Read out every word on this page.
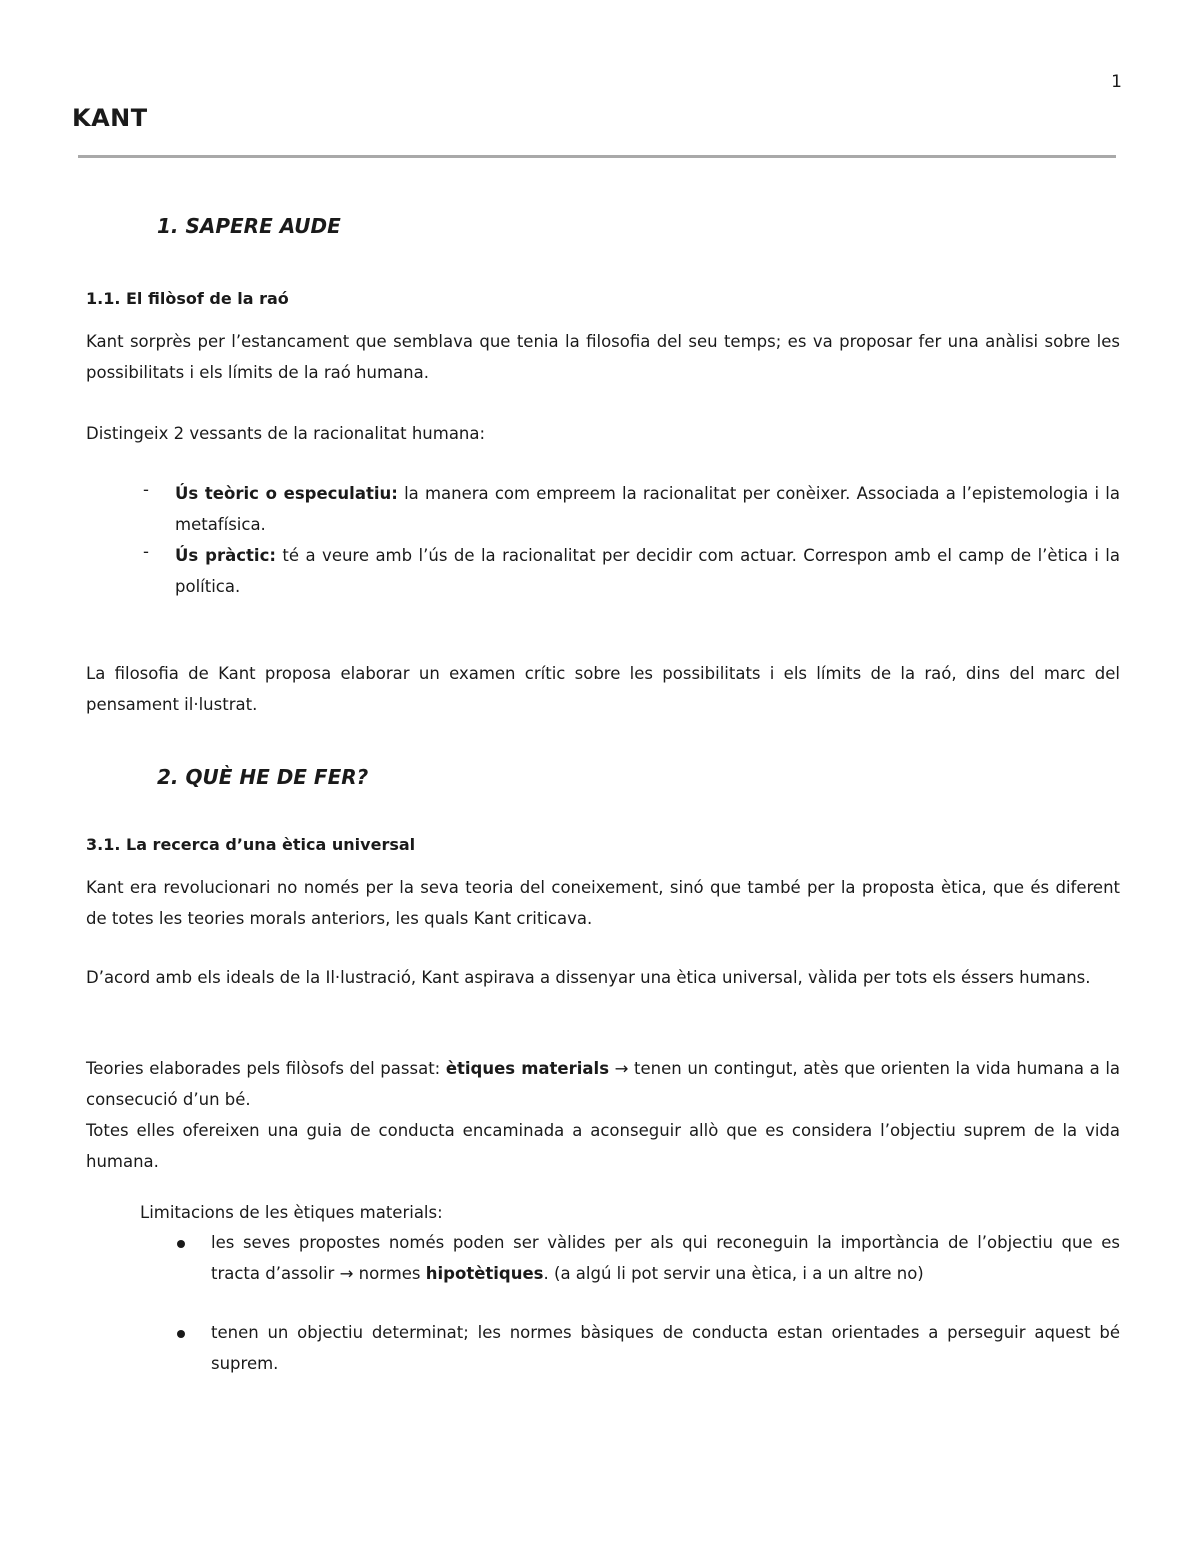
1
KANT
1. SAPERE AUDE
1.1. El filòsof de la raó
Kant sorprès per l’estancament que semblava que tenia la filosofia del seu temps; es va proposar fer una anàlisi sobre les possibilitats i els límits de la raó humana.
Distingeix 2 vessants de la racionalitat humana:
- Ús teòric o especulatiu: la manera com empreem la racionalitat per conèixer. Associada a l’epistemologia i la metafísica.
- Ús pràctic: té a veure amb l’ús de la racionalitat per decidir com actuar. Correspon amb el camp de l’ètica i la política.
La filosofia de Kant proposa elaborar un examen crític sobre les possibilitats i els límits de la raó, dins del marc del pensament il·lustrat.
2. QUÈ HE DE FER?
3.1. La recerca d’una ètica universal
Kant era revolucionari no només per la seva teoria del coneixement, sinó que també per la proposta ètica, que és diferent de totes les teories morals anteriors, les quals Kant criticava.
D’acord amb els ideals de la Il·lustració, Kant aspirava a dissenyar una ètica universal, vàlida per tots els éssers humans.
Teories elaborades pels filòsofs del passat: ètiques materials → tenen un contingut, atès que orienten la vida humana a la consecució d’un bé.
Totes elles ofereixen una guia de conducta encaminada a aconseguir allò que es considera l’objectiu suprem de la vida humana.
Limitacions de les ètiques materials:
les seves propostes només poden ser vàlides per als qui reconeguin la importància de l’objectiu que es tracta d’assolir → normes hipotètiques. (a algú li pot servir una ètica, i a un altre no)
tenen un objectiu determinat; les normes bàsiques de conducta estan orientades a perseguir aquest bé suprem.
